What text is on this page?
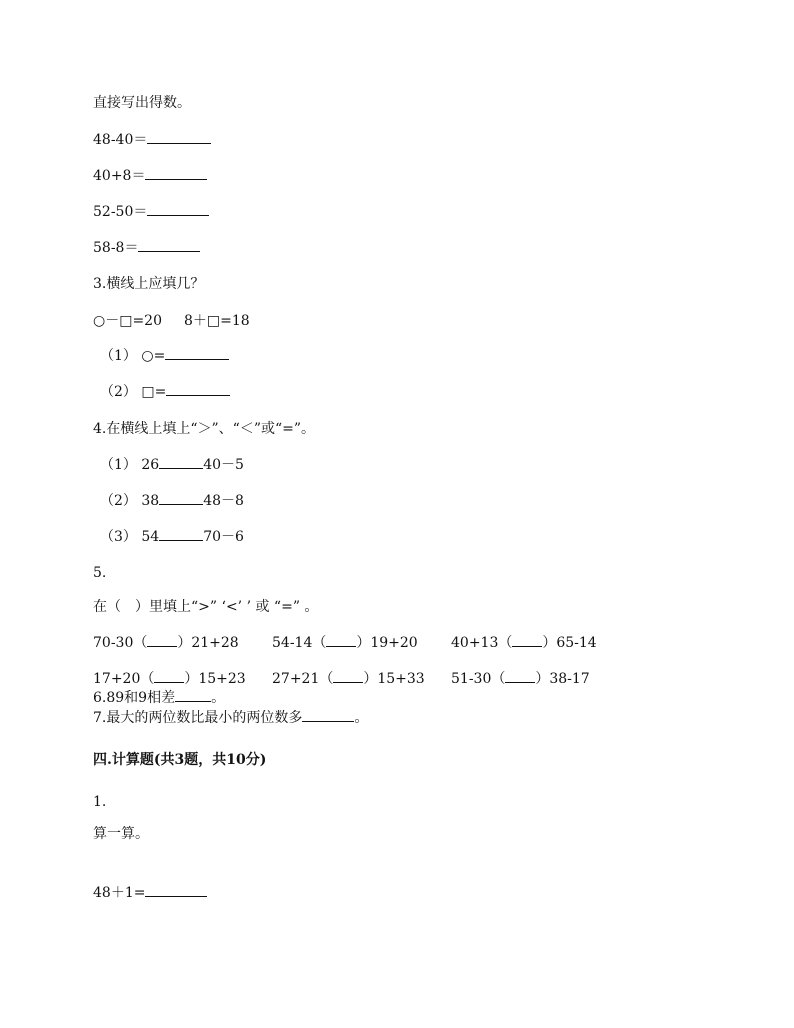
直接写出得数。
48-40＝
40+8＝
52-50＝
58-8＝
3.横线上应填几？
○－□=20 8＋□=18
（1） ○=
（2） □=
4.在横线上填上“＞”、“＜”或“=”。
（1） 26	40－5
（2） 38	48－8
（3） 54	70－6
5.
在（　）里填上“>” ‘<’ ’ 或 “=” 。
70-30（ ）21+28 54-14（ ）19+20 40+13（ ）65-14
17+20（ ）15+23 27+21（ ）15+33 51-30（ ）38-17
6.89和9相差	。
7.最大的两位数比最小的两位数多	。
四.计算题(共3题，共10分)
1.
算一算。
48＋1=
